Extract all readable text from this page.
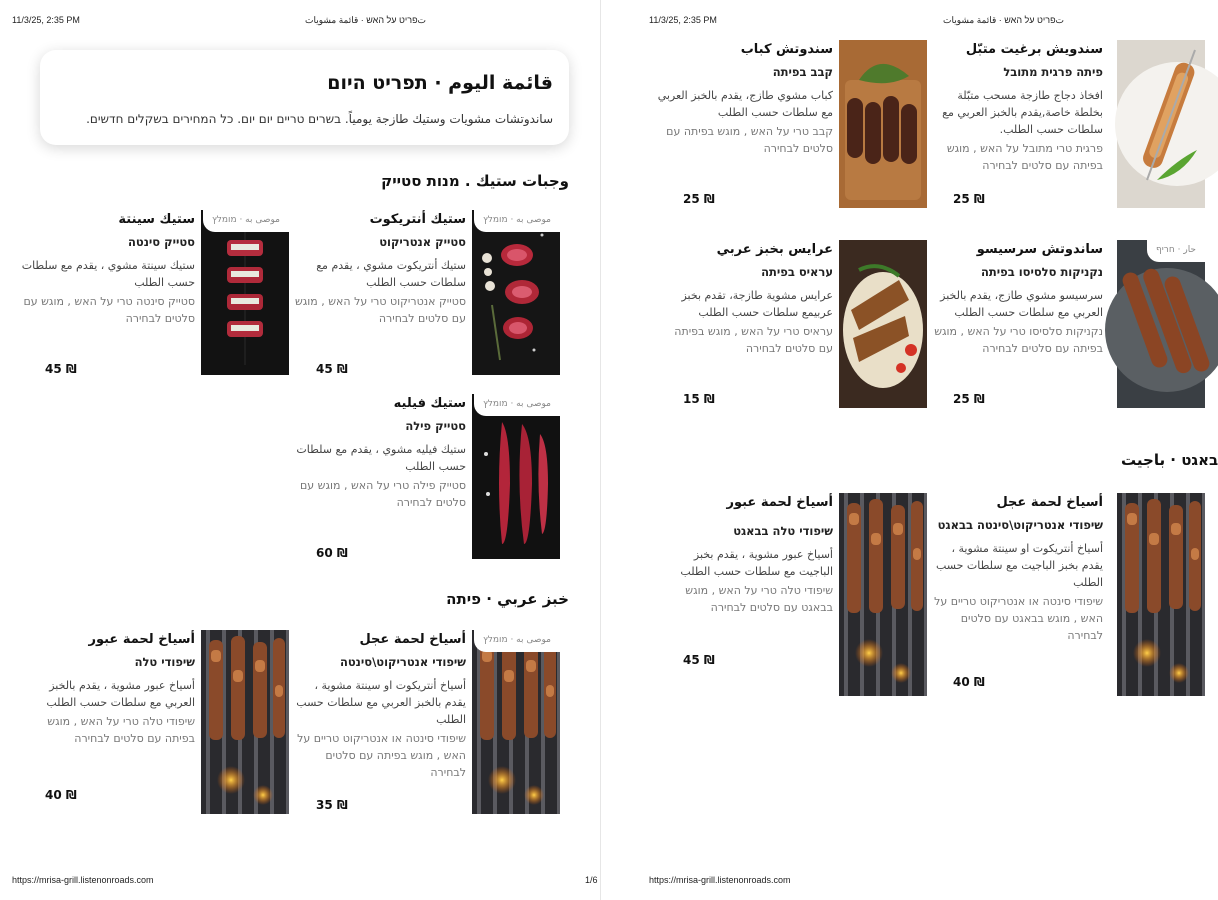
11/3/25, 2:35 PM	تפריט על האש · قائمة مشويات
قائمة اليوم · תפריט היום

ساندوتشات مشويات وستيك طازجة يومياً. בשרים טריים יום יום. כל המחירים בשקלים חדשים.

وجبات ستيك . מנות סטייק
موصى به · מומלץ
ستيك أنتريكوت
סטייק אנטריקוט
ستيك أنتريكوت مشوي ، يقدم مع سلطات حسب الطلب
סטייק אנטריקוט טרי על האש , מוגש עם סלטים לבחירה
₪ 45
موصى به · מומלץ
ستيك سينتة
סטייק סינטה
ستيك سينتة مشوي ، يقدم مع سلطات حسب الطلب
סטייק סינטה טרי על האש , מוגש עם סלטים לבחירה
₪ 45
موصى به · מומלץ
ستيك فيليه
סטייק פילה
ستيك فيليه مشوي ، يقدم مع سلطات حسب الطلب
סטייק פילה טרי על האש , מוגש עם סלטים לבחירה
₪ 60
خبز عربي · פיתה
موصى به · מומלץ
أسياخ لحمة عجل
שיפודי אנטריקוט\סינטה
أسياخ أنتريكوت او سينتة مشوية ، يقدم بالخبز العربي مع سلطات حسب الطلب
שיפודי סינטה או אנטריקוט טריים על האש , מוגש בפיתה עם סלטים לבחירה
₪ 35
أسياخ لحمة عبور
שיפודי טלה
أسياخ عبور مشوية ، يقدم بالخبز العربي مع سلطات حسب الطلب
שיפודי טלה טרי על האש , מוגש בפיתה עם סלטים לבחירה
₪ 40
https://mrisa-grill.listenonroads.com	1/6
11/3/25, 2:35 PM	تפריט על האש · قائمة مشويات
سندويش برغيت متبّل
פיתה פרגית מתובל
افخاذ دجاج طازجة مسحب متبّلة بخلطة خاصة,يقدم بالخبز العربي مع سلطات حسب الطلب.
פרגית טרי מתובל על האש , מוגש בפיתה עם סלטים לבחירה
₪ 25
سندوتش كباب
קבב בפיתה
كباب مشوي طازج، يقدم بالخبز العربي مع سلطات حسب الطلب
קבב טרי על האש , מוגש בפיתה עם סלטים לבחירה
₪ 25
حار · חריף
ساندوتش سرسيسو
נקניקות סלסיסו בפיתה
سرسيسو مشوي طازج، يقدم بالخبز العربي مع سلطات حسب الطلب
נקניקות סלסיסו טרי על האש , מוגש בפיתה עם סלטים לבחירה
₪ 25
عرايس بخبز عربي
עראיס בפיתה
عرايس مشوية طازجة، تقدم بخبز عربيمع سلطات حسب الطلب
עראיס טרי על האש , מוגש בפיתה עם סלטים לבחירה
₪ 15
באגט · باجيت
أسياخ لحمة عجل
שיפודי אנטריקוט\סינטה בבאגט
أسياخ أنتريكوت او سينتة مشوية ، يقدم بخبز الباجيت مع سلطات حسب الطلب
שיפודי סינטה או אנטריקוט טריים על האש , מוגש בבאגט עם סלטים לבחירה
₪ 40
أسياخ لحمة عبور
שיפודי טלה בבאגט
أسياخ عبور مشوية ، يقدم بخبز الباجيت مع سلطات حسب الطلب
שיפודי טלה טרי על האש , מוגש בבאגט עם סלטים לבחירה
₪ 45
https://mrisa-grill.listenonroads.com
